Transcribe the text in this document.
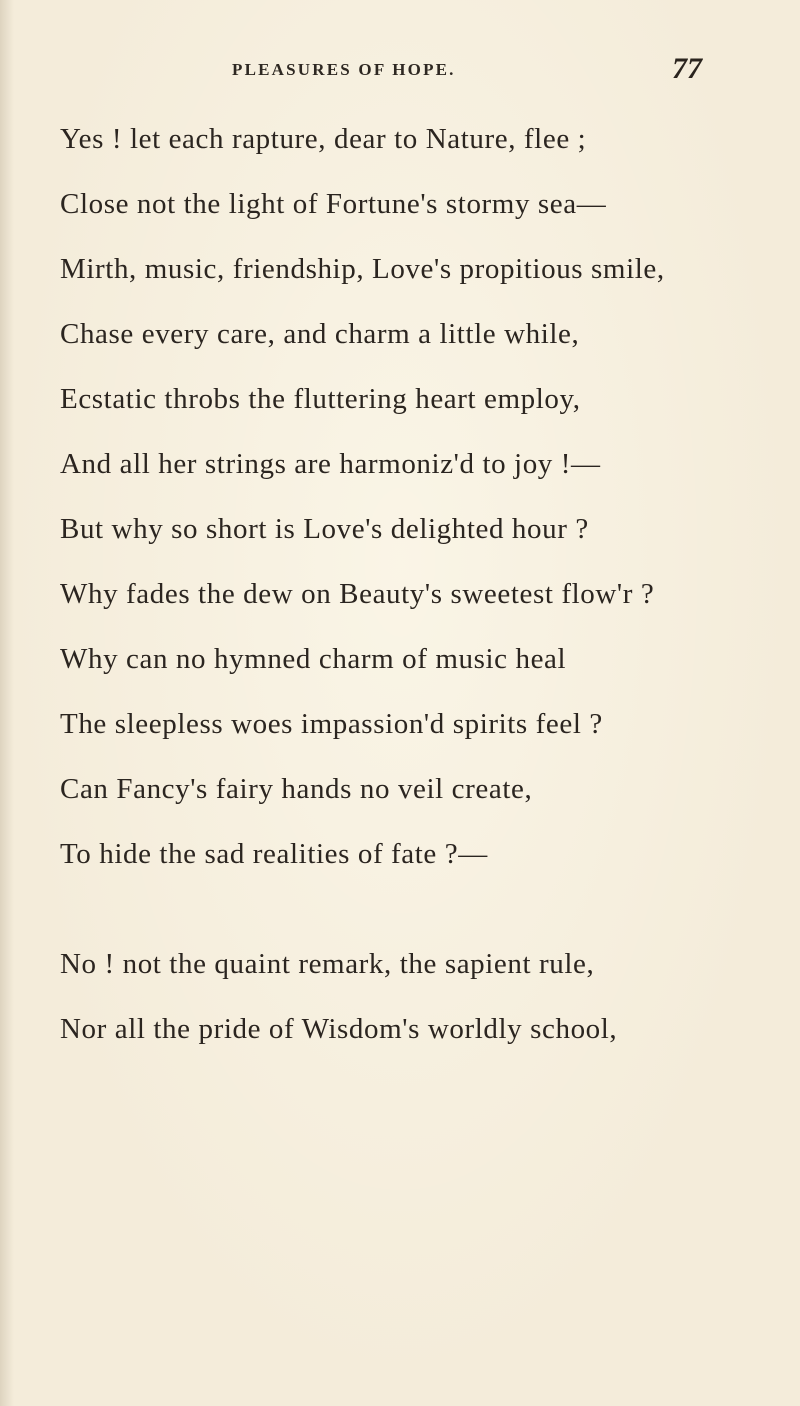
PLEASURES OF HOPE.	77
Yes ! let each rapture, dear to Nature, flee ;
Close not the light of Fortune's stormy sea—
Mirth, music, friendship, Love's propitious smile,
Chase every care, and charm a little while,
Ecstatic throbs the fluttering heart employ,
And all her strings are harmoniz'd to joy !—
But why so short is Love's delighted hour ?
Why fades the dew on Beauty's sweetest flow'r ?
Why can no hymned charm of music heal
The sleepless woes impassion'd spirits feel ?
Can Fancy's fairy hands no veil create,
To hide the sad realities of fate ?—
No ! not the quaint remark, the sapient rule,
Nor all the pride of Wisdom's worldly school,
